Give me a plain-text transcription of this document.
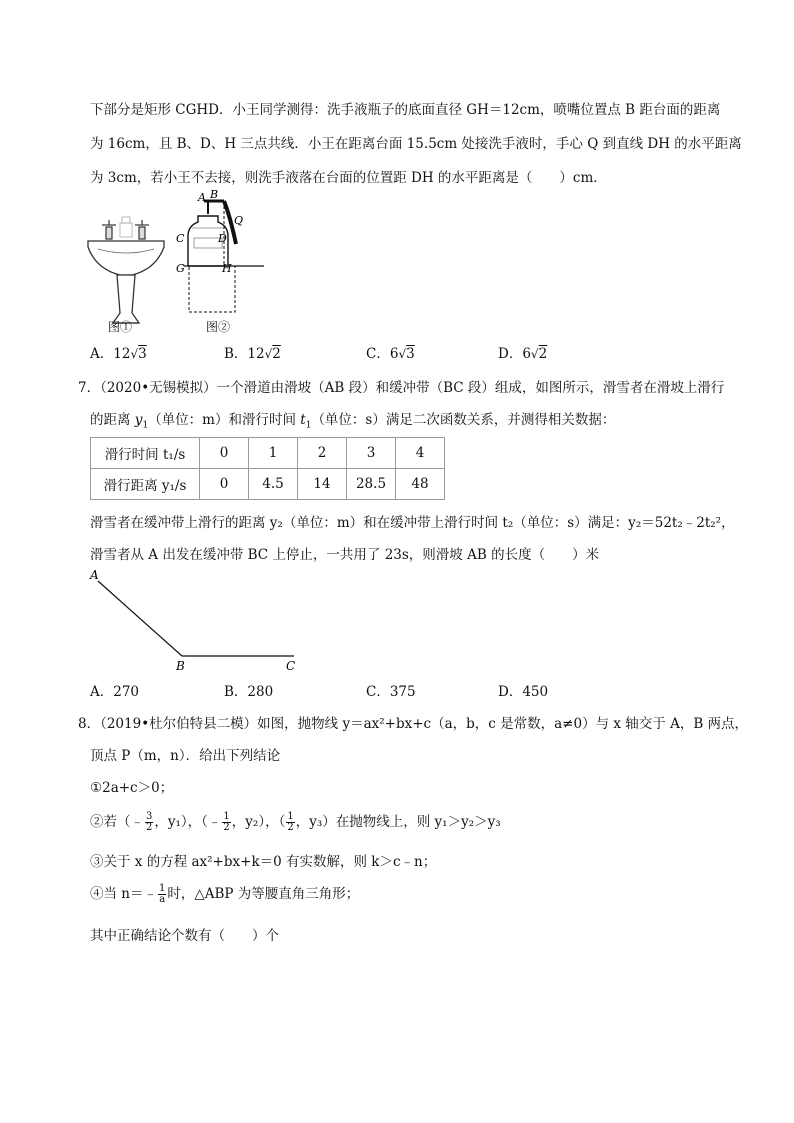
下部分是矩形 CGHD．小王同学测得：洗手液瓶子的底面直径 GH＝12cm，喷嘴位置点 B 距台面的距离
为 16cm，且 B、D、H 三点共线．小王在距离台面 15.5cm 处接洗手液时，手心 Q 到直线 DH 的水平距离
为 3cm，若小王不去接，则洗手液落在台面的位置距 DH 的水平距离是（　　）cm．
图①
A B
Q
C	D
G	H
图②
A．12√3	B．12√2	C．6√3	D．6√2
7．（2020•无锡模拟）一个滑道由滑坡（AB 段）和缓冲带（BC 段）组成，如图所示，滑雪者在滑坡上滑行
的距离 $y_1$（单位：m）和滑行时间 $t_1$（单位：s）满足二次函数关系，并测得相关数据：
滑行时间 t₁/s	0	1	2	3	4
滑行距离 y₁/s	0	4.5	14	28.5	48
滑雪者在缓冲带上滑行的距离 y₂（单位：m）和在缓冲带上滑行时间 t₂（单位：s）满足：y₂＝52t₂﹣2t₂²，
滑雪者从 A 出发在缓冲带 BC 上停止，一共用了 23s，则滑坡 AB 的长度（　　）米
A
B	C
A．270	B．280	C．375	D．450
8．（2019•杜尔伯特县二模）如图，抛物线 y＝ax²+bx+c（a，b，c 是常数，a≠0）与 x 轴交于 A，B 两点，
顶点 P（m，n）．给出下列结论
①2a+c＞0；
②若（﹣ $\frac{3}{2}$ ，y₁），（﹣ $\frac{1}{2}$ ，y₂），（ $\frac{1}{2}$ ，y₃）在抛物线上，则 y₁＞y₂＞y₃
③关于 x 的方程 ax²+bx+k＝0 有实数解，则 k＞c﹣n；
④当 n＝﹣ $\frac{1}{a}$ 时，△ABP 为等腰直角三角形；
其中正确结论个数有（　　）个
